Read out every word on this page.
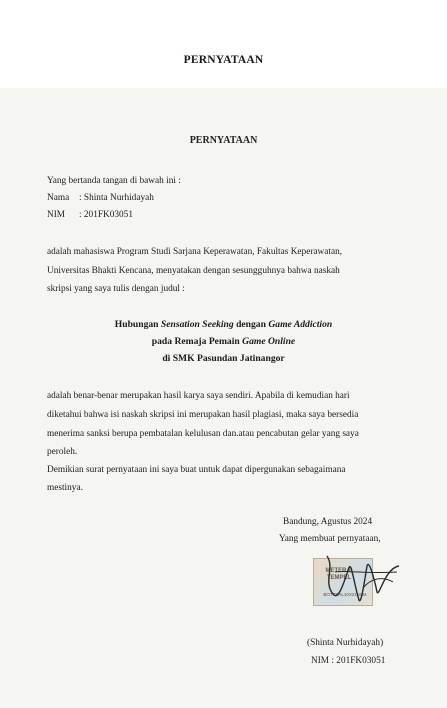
PERNYATAAN
PERNYATAAN
Yang bertanda tangan di bawah ini :
Nama : Shinta Nurhidayah
NIM : 201FK03051
adalah mahasiswa Program Studi Sarjana Keperawatan, Fakultas Keperawatan,
Universitas Bhakti Kencana, menyatakan dengan sesungguhnya bahwa naskah
skripsi yang saya tulis dengan judul :
Hubungan Sensation Seeking dengan Game Addiction
pada Remaja Pemain Game Online
di SMK Pasundan Jatinangor
adalah benar-benar merupakan hasil karya saya sendiri. Apabila di kemudian hari
diketahui bahwa isi naskah skripsi ini merupakan hasil plagiasi, maka saya bersedia
menerima sanksi berupa pembatalan kelulusan dan.atau pencabutan gelar yang saya
peroleh.
Demikian surat pernyataan ini saya buat untuk dapat dipergunakan sebagaimana
mestinya.
Bandung, Agustus 2024
Yang membuat pernyataan,
METERAI TEMPEL
BOTTEAL10X211884
(Shinta Nurhidayah)
NIM : 201FK03051
